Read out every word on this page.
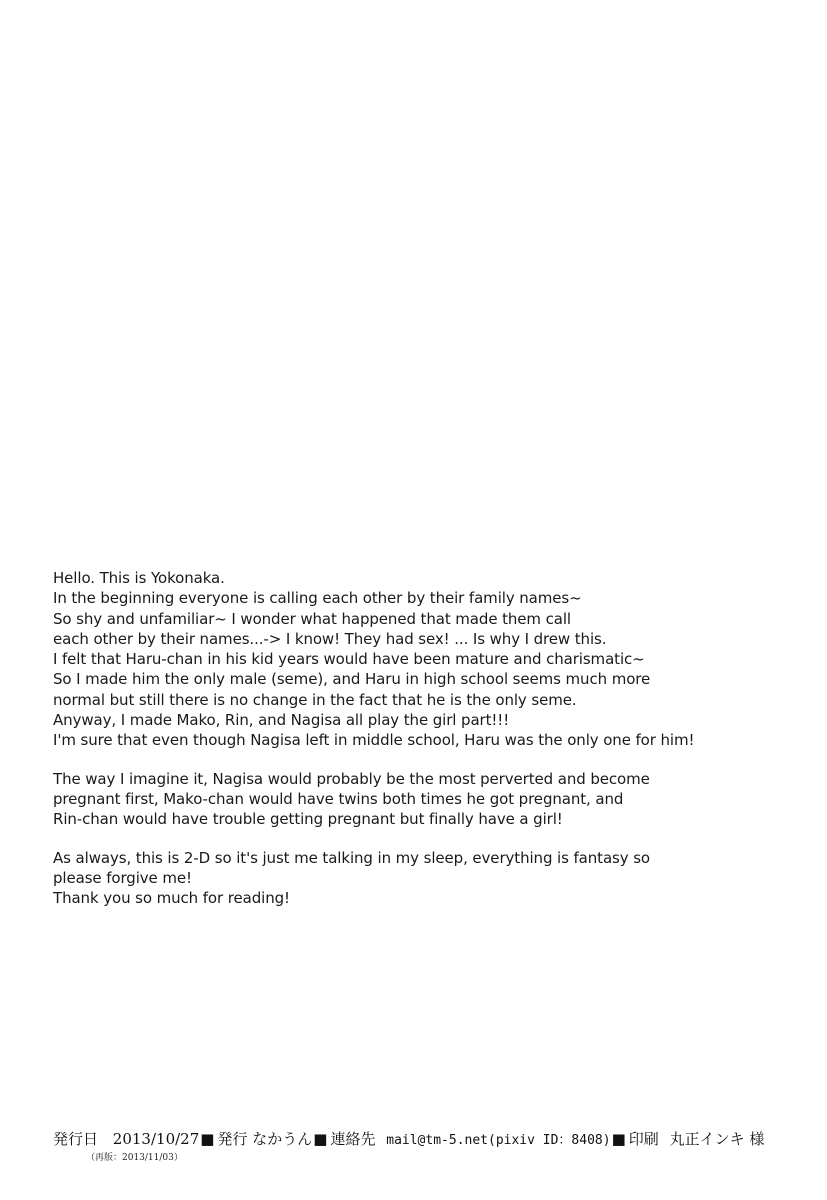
Hello. This is Yokonaka.
In the beginning everyone is calling each other by their family names~
So shy and unfamiliar~ I wonder what happened that made them call
each other by their names...-> I know! They had sex! ... Is why I drew this.
I felt that Haru-chan in his kid years would have been mature and charismatic~
So I made him the only male (seme), and Haru in high school seems much more
normal but still there is no change in the fact that he is the only seme.
Anyway, I made Mako, Rin, and Nagisa all play the girl part!!!
I'm sure that even though Nagisa left in middle school, Haru was the only one for him!
The way I imagine it, Nagisa would probably be the most perverted and become
pregnant first, Mako-chan would have twins both times he got pregnant, and
Rin-chan would have trouble getting pregnant but finally have a girl!
As always, this is 2-D so it's just me talking in my sleep, everything is fantasy so
please forgive me!
Thank you so much for reading!
発行日 2013/10/27■ 発行 なかうん■ 連絡先 mail@tm-5.net(pixiv ID：8408)■ 印刷 丸正インキ 様
（再版：2013/11/03）
